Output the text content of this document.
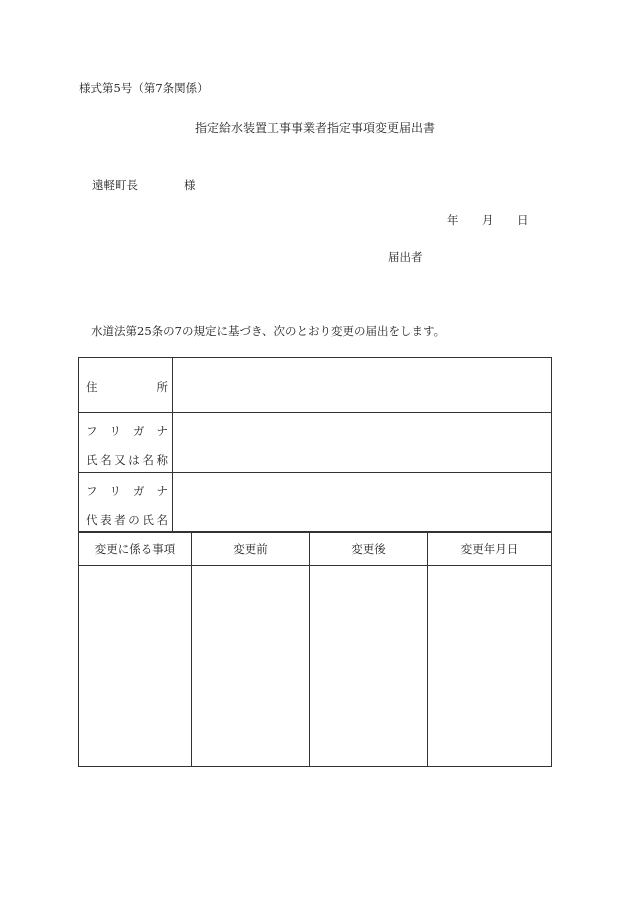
様式第5号（第7条関係）
指定給水装置工事事業者指定事項変更届出書
遠軽町長	様
年 月 日
届出者
水道法第25条の7の規定に基づき、次のとおり変更の届出をします。
住	所
フ リ ガ ナ
氏 名 又 は 名 称
フ リ ガ ナ
代 表 者 の 氏 名
変更に係る事項	変更前	変更後	変更年月日
